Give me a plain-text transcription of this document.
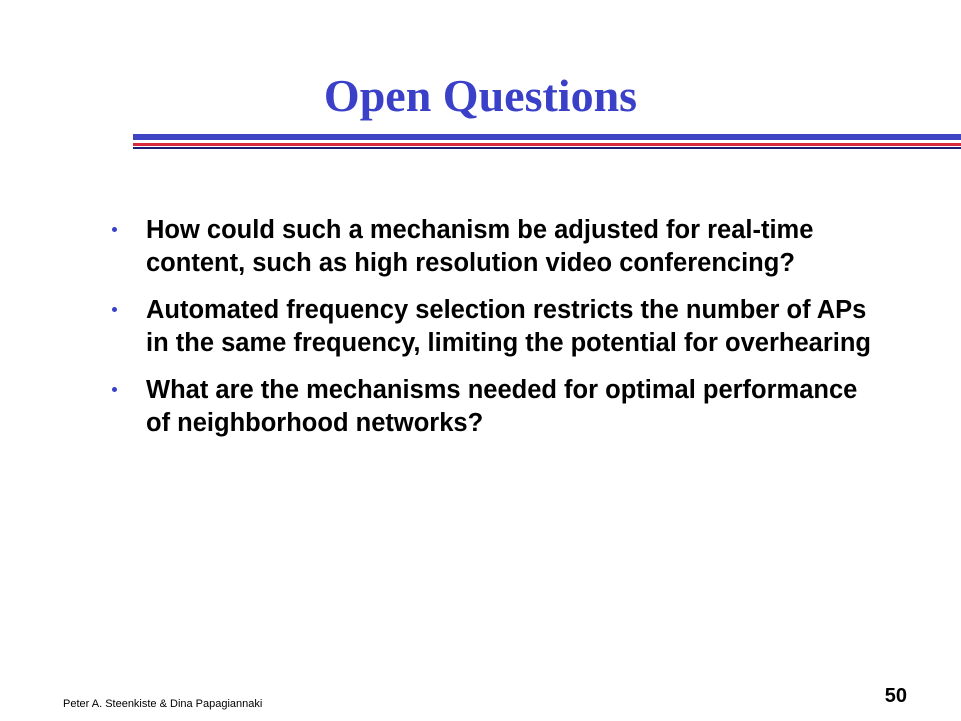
Open Questions
How could such a mechanism be adjusted for real-time content, such as high resolution video conferencing?
Automated frequency selection restricts the number of APs in the same frequency, limiting the potential for overhearing
What are the mechanisms needed for optimal performance of neighborhood networks?
Peter A. Steenkiste & Dina Papagiannaki	50
